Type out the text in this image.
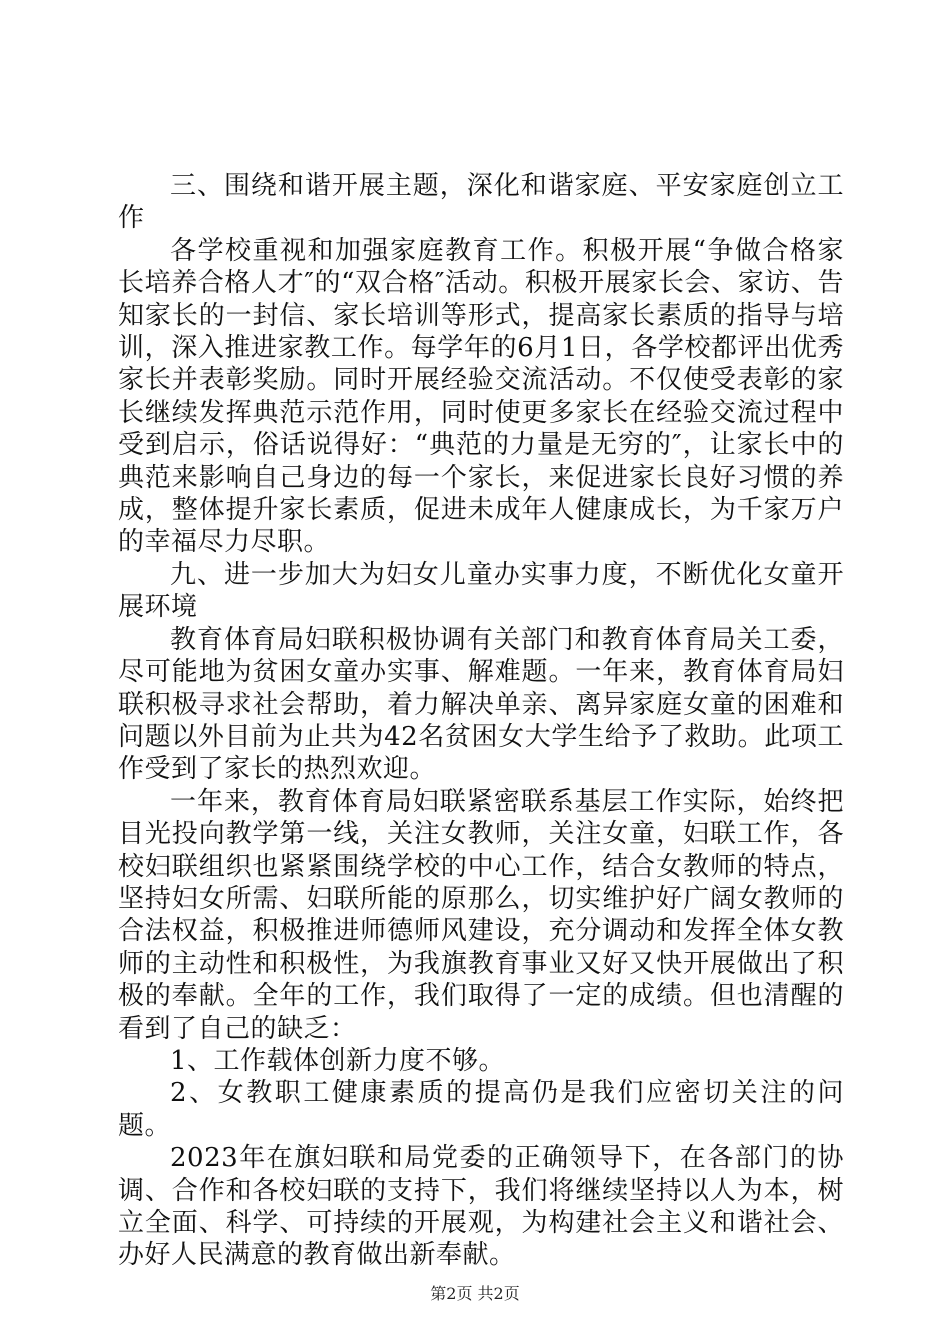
三、围绕和谐开展主题，深化和谐家庭、平安家庭创立工作

各学校重视和加强家庭教育工作。积极开展“争做合格家长培养合格人才″的“双合格″活动。积极开展家长会、家访、告知家长的一封信、家长培训等形式，提高家长素质的指导与培训，深入推进家教工作。每学年的6月1日，各学校都评出优秀家长并表彰奖励。同时开展经验交流活动。不仅使受表彰的家长继续发挥典范示范作用，同时使更多家长在经验交流过程中受到启示，俗话说得好：“典范的力量是无穷的″，让家长中的典范来影响自己身边的每一个家长，来促进家长良好习惯的养成，整体提升家长素质，促进未成年人健康成长，为千家万户的幸福尽力尽职。

九、进一步加大为妇女儿童办实事力度，不断优化女童开展环境

教育体育局妇联积极协调有关部门和教育体育局关工委，尽可能地为贫困女童办实事、解难题。一年来，教育体育局妇联积极寻求社会帮助，着力解决单亲、离异家庭女童的困难和问题以外目前为止共为42名贫困女大学生给予了救助。此项工作受到了家长的热烈欢迎。

一年来，教育体育局妇联紧密联系基层工作实际，始终把目光投向教学第一线，关注女教师，关注女童，妇联工作，各校妇联组织也紧紧围绕学校的中心工作，结合女教师的特点，坚持妇女所需、妇联所能的原那么，切实维护好广阔女教师的合法权益，积极推进师德师风建设，充分调动和发挥全体女教师的主动性和积极性，为我旗教育事业又好又快开展做出了积极的奉献。全年的工作，我们取得了一定的成绩。但也清醒的看到了自己的缺乏：

1、工作载体创新力度不够。

2、女教职工健康素质的提高仍是我们应密切关注的问题。

2023年在旗妇联和局党委的正确领导下，在各部门的协调、合作和各校妇联的支持下，我们将继续坚持以人为本，树立全面、科学、可持续的开展观，为构建社会主义和谐社会、办好人民满意的教育做出新奉献。

第2页 共2页
